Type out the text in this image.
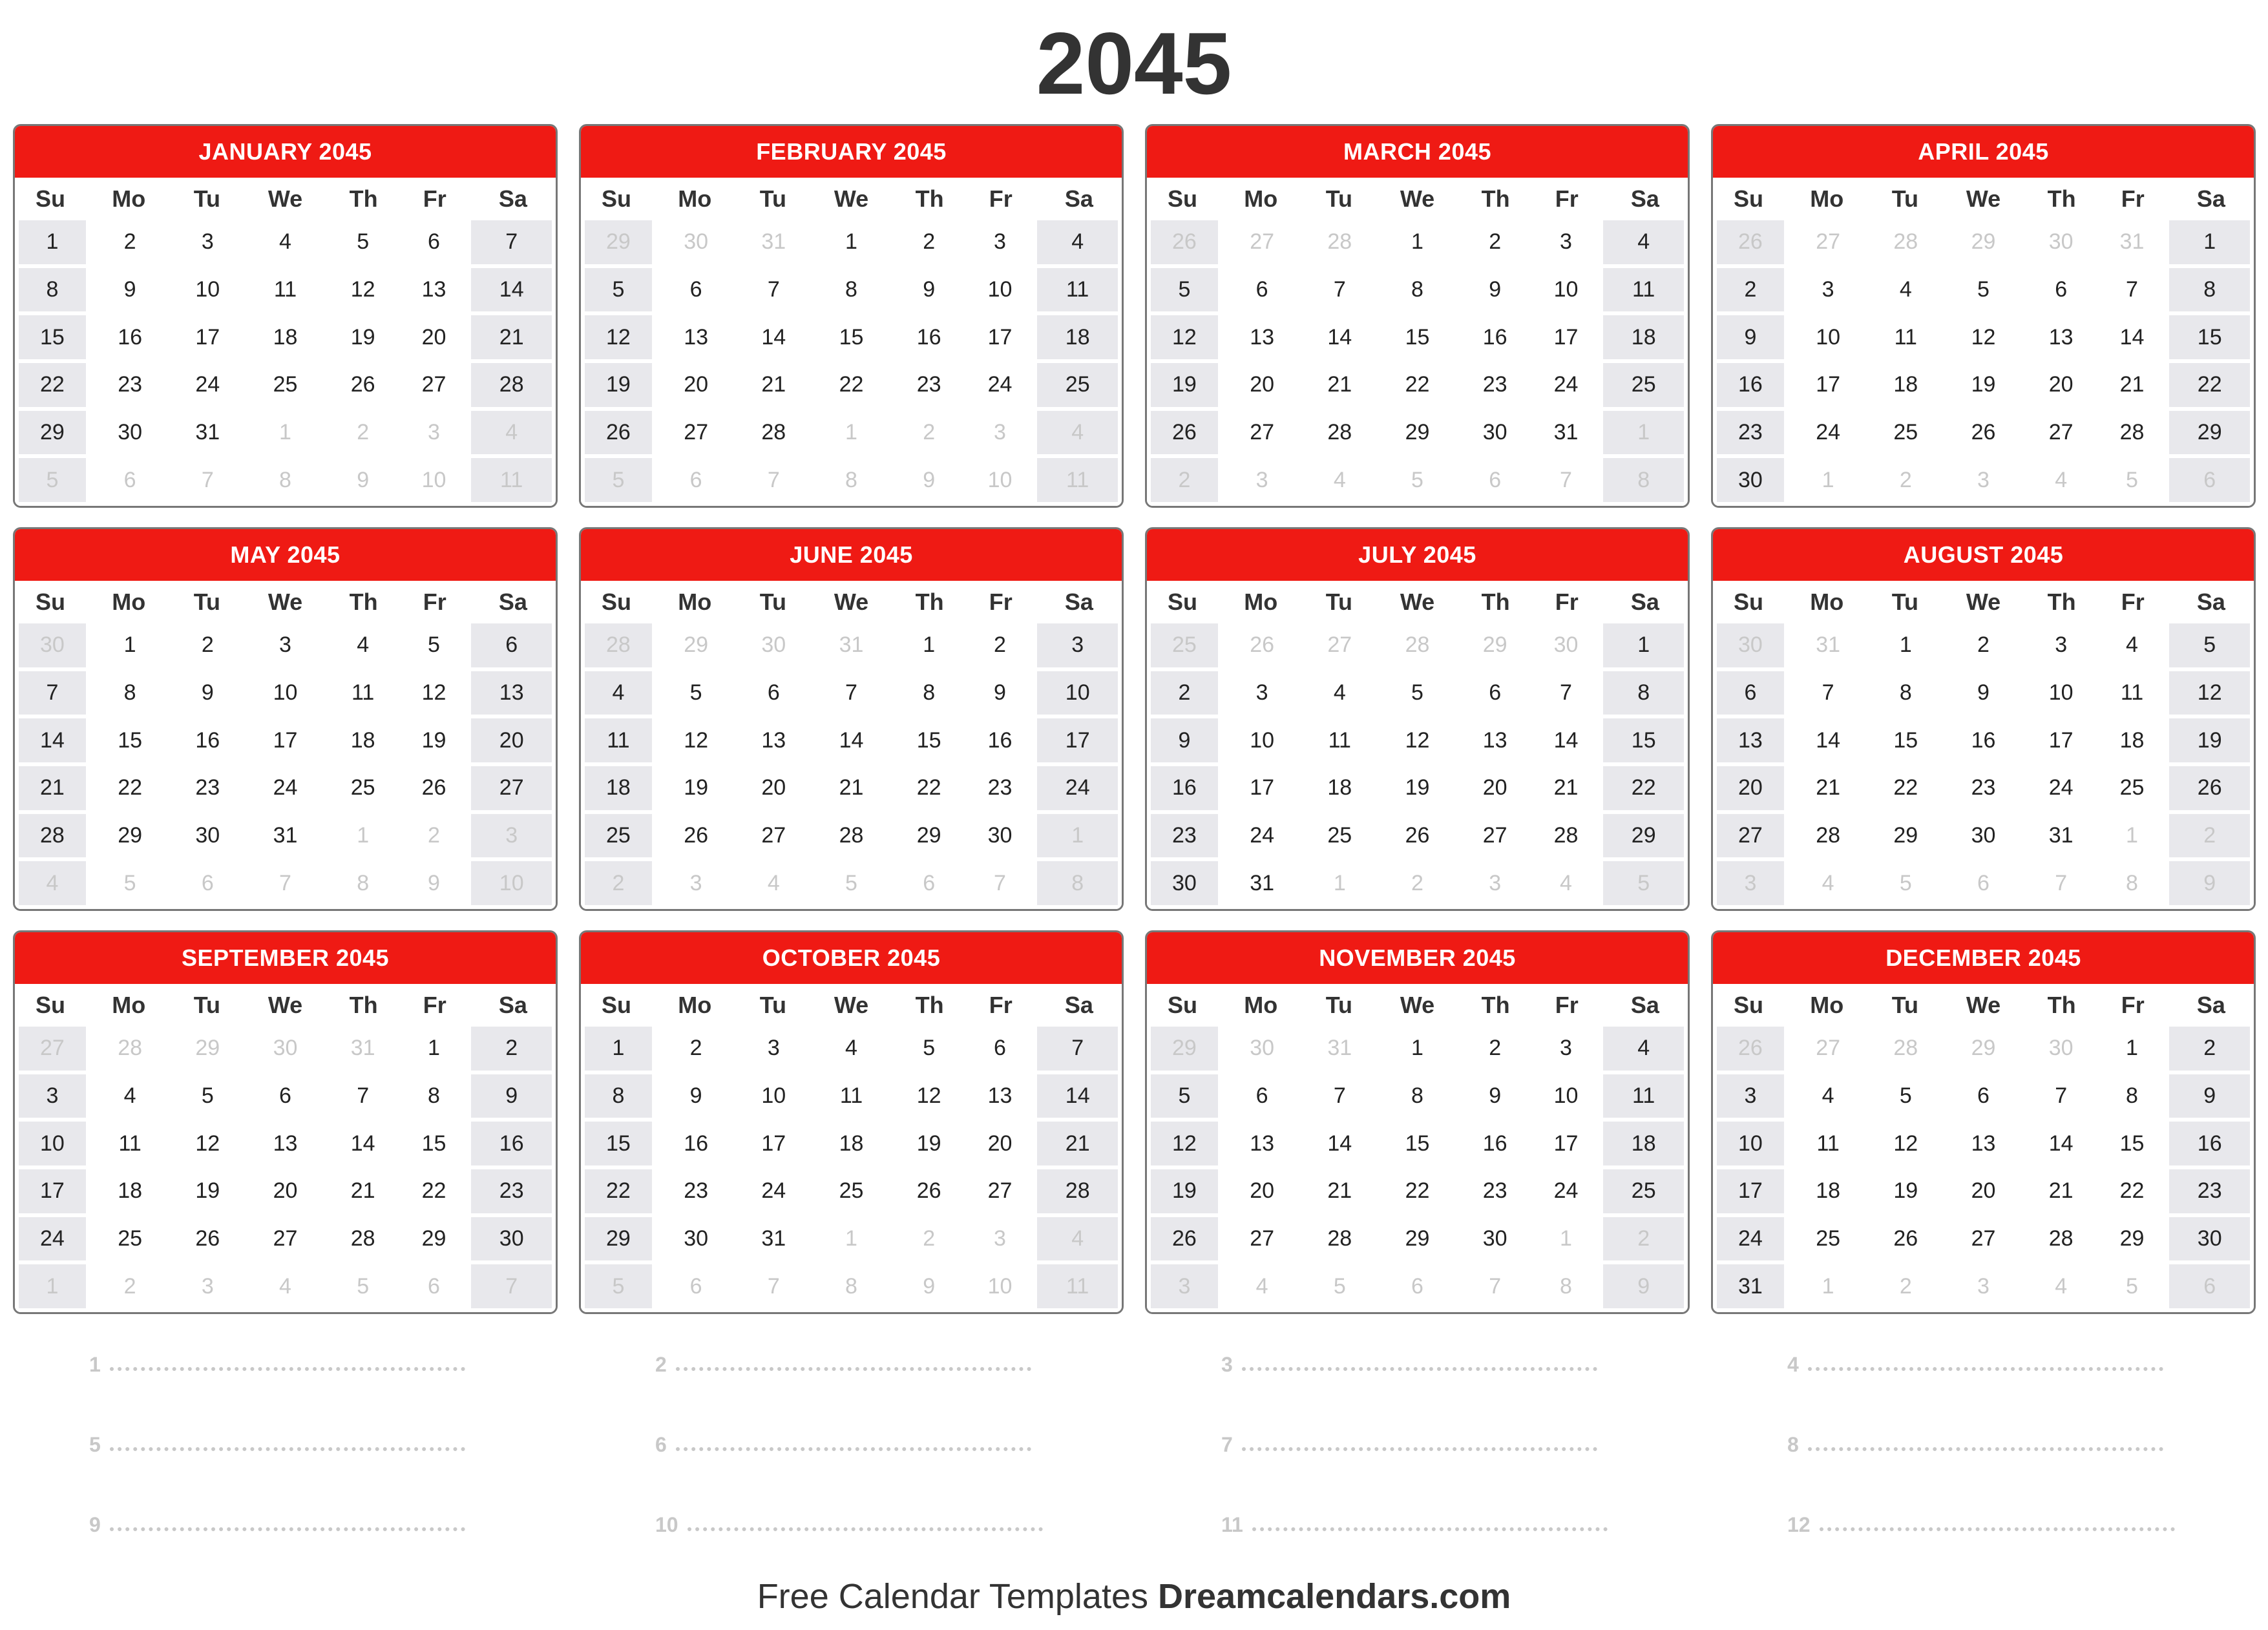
2045
JANUARY 2045
Su	Mo	Tu	We	Th	Fr	Sa
1	2	3	4	5	6	7
8	9	10	11	12	13	14
15	16	17	18	19	20	21
22	23	24	25	26	27	28
29	30	31	1	2	3	4
5	6	7	8	9	10	11
FEBRUARY 2045
Su	Mo	Tu	We	Th	Fr	Sa
29	30	31	1	2	3	4
5	6	7	8	9	10	11
12	13	14	15	16	17	18
19	20	21	22	23	24	25
26	27	28	1	2	3	4
5	6	7	8	9	10	11
MARCH 2045
Su	Mo	Tu	We	Th	Fr	Sa
26	27	28	1	2	3	4
5	6	7	8	9	10	11
12	13	14	15	16	17	18
19	20	21	22	23	24	25
26	27	28	29	30	31	1
2	3	4	5	6	7	8
APRIL 2045
Su	Mo	Tu	We	Th	Fr	Sa
26	27	28	29	30	31	1
2	3	4	5	6	7	8
9	10	11	12	13	14	15
16	17	18	19	20	21	22
23	24	25	26	27	28	29
30	1	2	3	4	5	6
MAY 2045
Su	Mo	Tu	We	Th	Fr	Sa
30	1	2	3	4	5	6
7	8	9	10	11	12	13
14	15	16	17	18	19	20
21	22	23	24	25	26	27
28	29	30	31	1	2	3
4	5	6	7	8	9	10
JUNE 2045
Su	Mo	Tu	We	Th	Fr	Sa
28	29	30	31	1	2	3
4	5	6	7	8	9	10
11	12	13	14	15	16	17
18	19	20	21	22	23	24
25	26	27	28	29	30	1
2	3	4	5	6	7	8
JULY 2045
Su	Mo	Tu	We	Th	Fr	Sa
25	26	27	28	29	30	1
2	3	4	5	6	7	8
9	10	11	12	13	14	15
16	17	18	19	20	21	22
23	24	25	26	27	28	29
30	31	1	2	3	4	5
AUGUST 2045
Su	Mo	Tu	We	Th	Fr	Sa
30	31	1	2	3	4	5
6	7	8	9	10	11	12
13	14	15	16	17	18	19
20	21	22	23	24	25	26
27	28	29	30	31	1	2
3	4	5	6	7	8	9
SEPTEMBER 2045
Su	Mo	Tu	We	Th	Fr	Sa
27	28	29	30	31	1	2
3	4	5	6	7	8	9
10	11	12	13	14	15	16
17	18	19	20	21	22	23
24	25	26	27	28	29	30
1	2	3	4	5	6	7
OCTOBER 2045
Su	Mo	Tu	We	Th	Fr	Sa
1	2	3	4	5	6	7
8	9	10	11	12	13	14
15	16	17	18	19	20	21
22	23	24	25	26	27	28
29	30	31	1	2	3	4
5	6	7	8	9	10	11
NOVEMBER 2045
Su	Mo	Tu	We	Th	Fr	Sa
29	30	31	1	2	3	4
5	6	7	8	9	10	11
12	13	14	15	16	17	18
19	20	21	22	23	24	25
26	27	28	29	30	1	2
3	4	5	6	7	8	9
DECEMBER 2045
Su	Mo	Tu	We	Th	Fr	Sa
26	27	28	29	30	1	2
3	4	5	6	7	8	9
10	11	12	13	14	15	16
17	18	19	20	21	22	23
24	25	26	27	28	29	30
31	1	2	3	4	5	6
1	2	3	4
5	6	7	8
9	10	11	12
Free Calendar Templates Dreamcalendars.com
